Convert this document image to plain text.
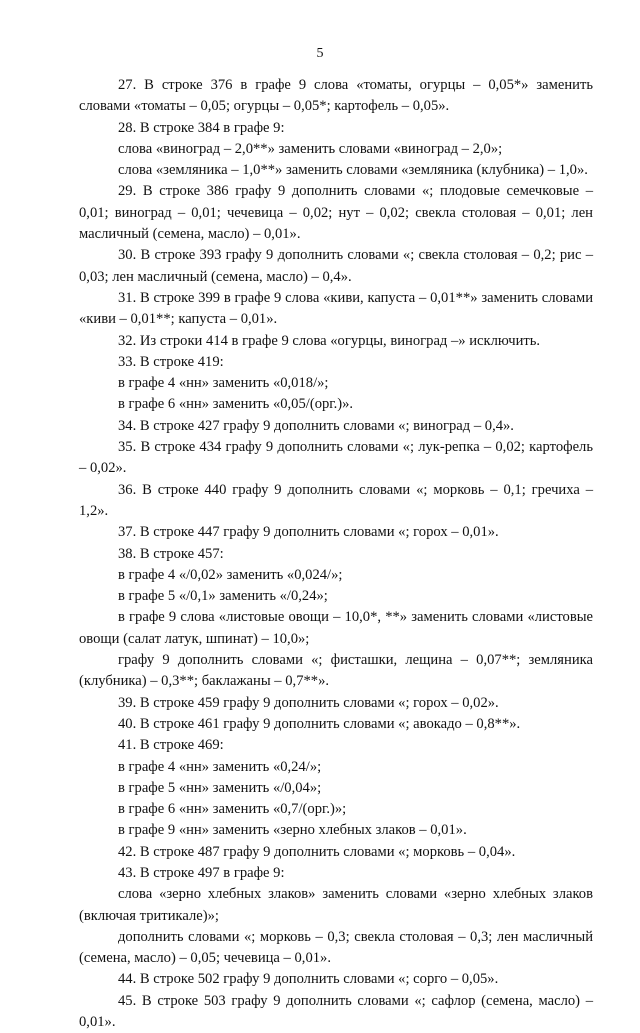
5

27. В строке 376 в графе 9 слова «томаты, огурцы – 0,05*» заменить словами «томаты – 0,05; огурцы – 0,05*; картофель – 0,05».

28. В строке 384 в графе 9:

слова «виноград – 2,0**» заменить словами «виноград – 2,0»;

слова «земляника – 1,0**» заменить словами «земляника (клубника) – 1,0».

29. В строке 386 графу 9 дополнить словами «; плодовые семечковые – 0,01; виноград – 0,01; чечевица – 0,02; нут – 0,02; свекла столовая – 0,01; лен масличный (семена, масло) – 0,01».

30. В строке 393 графу 9 дополнить словами «; свекла столовая – 0,2; рис – 0,03; лен масличный (семена, масло) – 0,4».

31. В строке 399 в графе 9 слова «киви, капуста – 0,01**» заменить словами «киви – 0,01**; капуста – 0,01».

32. Из строки 414 в графе 9 слова «огурцы, виноград –» исключить.

33. В строке 419:

в графе 4 «нн» заменить «0,018/»;

в графе 6 «нн» заменить «0,05/(орг.)».

34. В строке 427 графу 9 дополнить словами «; виноград – 0,4».

35. В строке 434 графу 9 дополнить словами «; лук-репка – 0,02; картофель – 0,02».

36. В строке 440 графу 9 дополнить словами «; морковь – 0,1; гречиха – 1,2».

37. В строке 447 графу 9 дополнить словами «; горох – 0,01».

38. В строке 457:

в графе 4 «/0,02» заменить «0,024/»;

в графе 5 «/0,1» заменить «/0,24»;

в графе 9 слова «листовые овощи – 10,0*, **» заменить словами «листовые овощи (салат латук, шпинат) – 10,0»;

графу 9 дополнить словами «; фисташки, лещина – 0,07**; земляника (клубника) – 0,3**; баклажаны – 0,7**».

39. В строке 459 графу 9 дополнить словами «; горох – 0,02».

40. В строке 461 графу 9 дополнить словами «; авокадо – 0,8**».

41. В строке 469:

в графе 4 «нн» заменить «0,24/»;

в графе 5 «нн» заменить «/0,04»;

в графе 6 «нн» заменить «0,7/(орг.)»;

в графе 9 «нн» заменить «зерно хлебных злаков – 0,01».

42. В строке 487 графу 9 дополнить словами «; морковь – 0,04».

43. В строке 497 в графе 9:

слова «зерно хлебных злаков» заменить словами «зерно хлебных злаков (включая тритикале)»;

дополнить словами «; морковь – 0,3; свекла столовая – 0,3; лен масличный (семена, масло) – 0,05; чечевица – 0,01».

44. В строке 502 графу 9 дополнить словами «; сорго – 0,05».

45. В строке 503 графу 9 дополнить словами «; сафлор (семена, масло) – 0,01».
